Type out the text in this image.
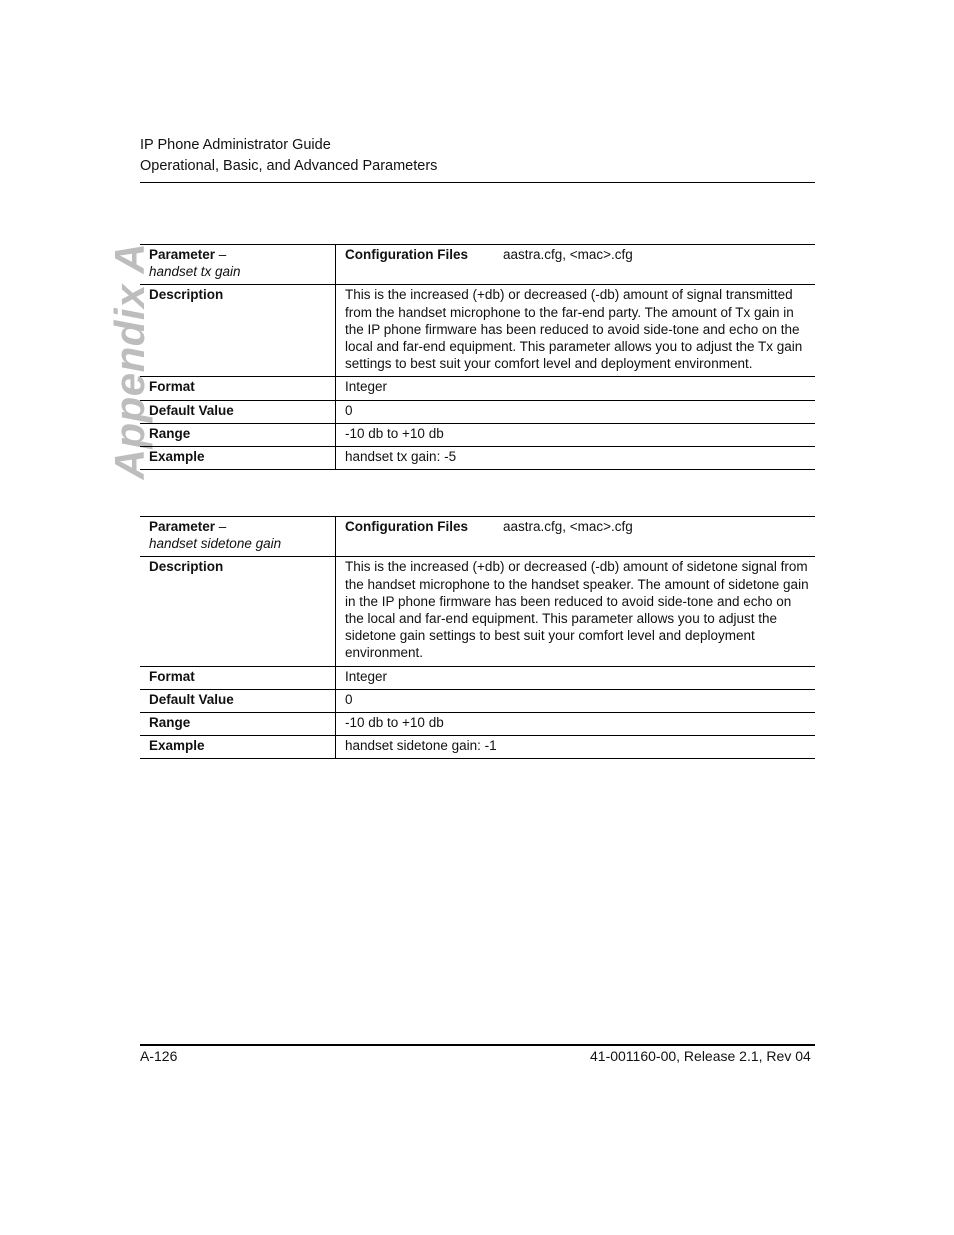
IP Phone Administrator Guide
Operational, Basic, and Advanced Parameters
Appendix A
Parameter –
handset tx gain	Configuration Files aastra.cfg, <mac>.cfg
Description	This is the increased (+db) or decreased (-db) amount of signal transmitted from the handset microphone to the far-end party. The amount of Tx gain in the IP phone firmware has been reduced to avoid side-tone and echo on the local and far-end equipment. This parameter allows you to adjust the Tx gain settings to best suit your comfort level and deployment environment.
Format	Integer
Default Value	0
Range	-10 db to +10 db
Example	handset tx gain: -5
Parameter –
handset sidetone gain	Configuration Files aastra.cfg, <mac>.cfg
Description	This is the increased (+db) or decreased (-db) amount of sidetone signal from the handset microphone to the handset speaker. The amount of sidetone gain in the IP phone firmware has been reduced to avoid side-tone and echo on the local and far-end equipment. This parameter allows you to adjust the sidetone gain settings to best suit your comfort level and deployment environment.
Format	Integer
Default Value	0
Range	-10 db to +10 db
Example	handset sidetone gain: -1
A-126	41-001160-00, Release 2.1, Rev 04
